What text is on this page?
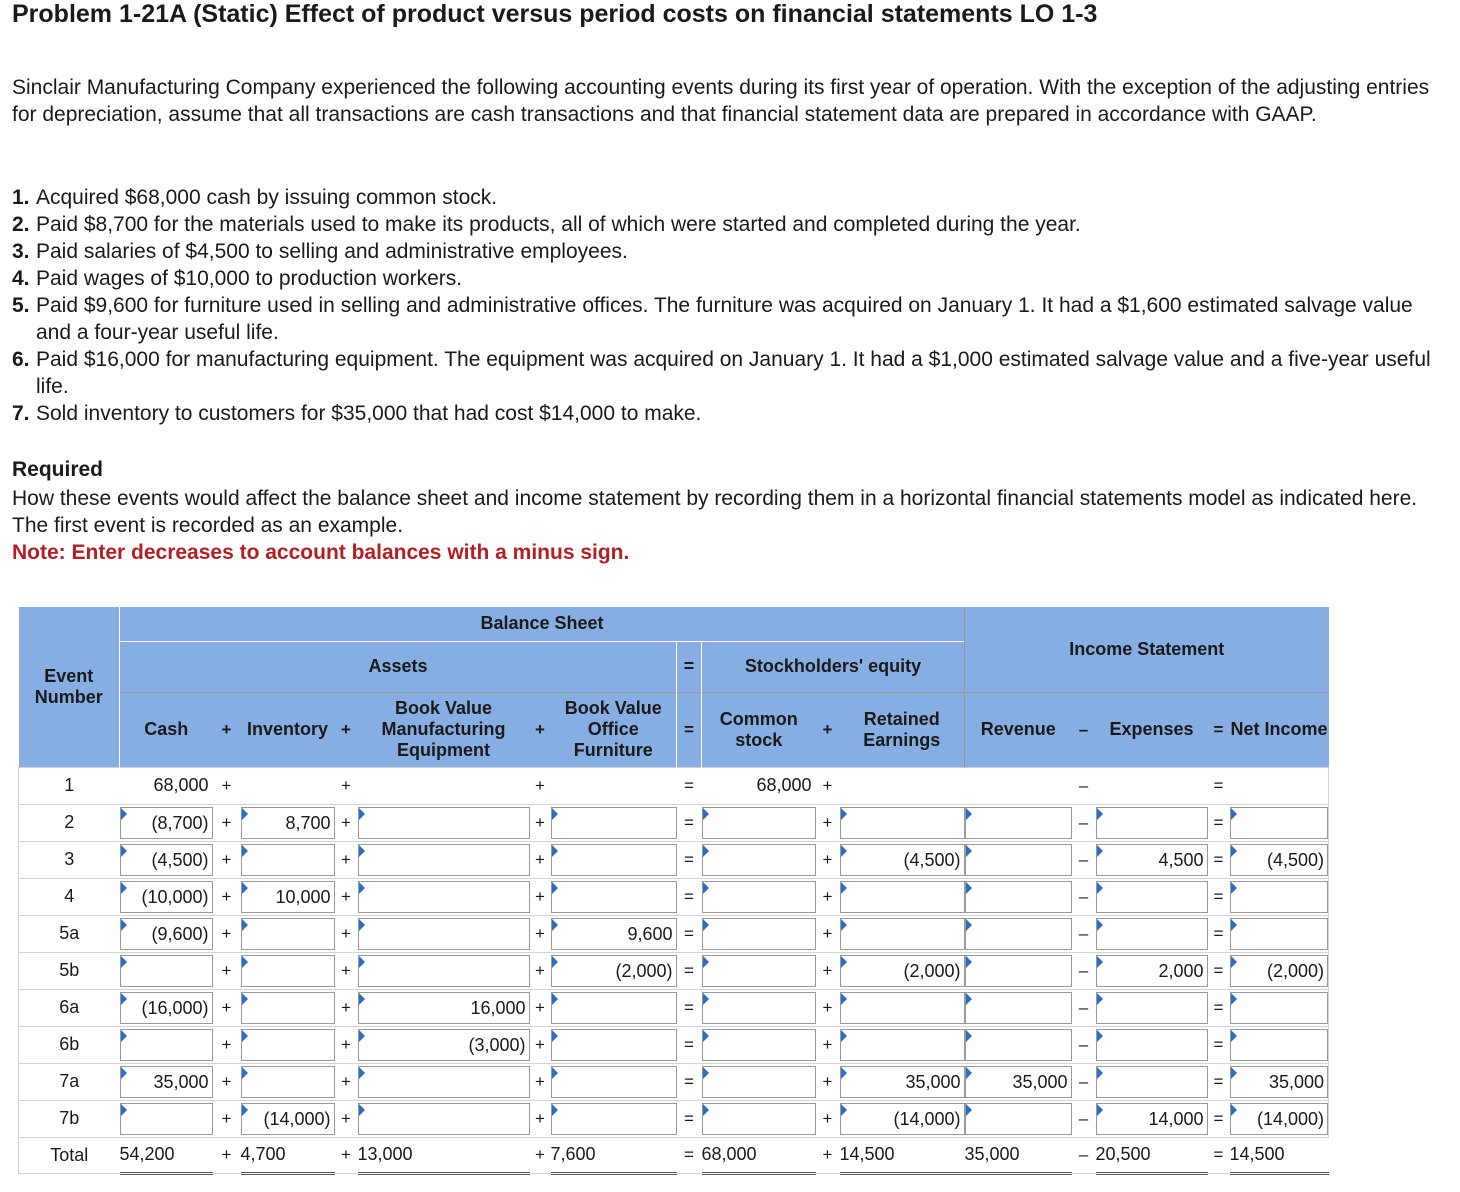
Problem 1-21A (Static) Effect of product versus period costs on financial statements LO 1-3

Sinclair Manufacturing Company experienced the following accounting events during its first year of operation. With the exception of the adjusting entries for depreciation, assume that all transactions are cash transactions and that financial statement data are prepared in accordance with GAAP.

1. Acquired $68,000 cash by issuing common stock.
2. Paid $8,700 for the materials used to make its products, all of which were started and completed during the year.
3. Paid salaries of $4,500 to selling and administrative employees.
4. Paid wages of $10,000 to production workers.
5. Paid $9,600 for furniture used in selling and administrative offices. The furniture was acquired on January 1. It had a $1,600 estimated salvage value and a four-year useful life.
6. Paid $16,000 for manufacturing equipment. The equipment was acquired on January 1. It had a $1,000 estimated salvage value and a five-year useful life.
7. Sold inventory to customers for $35,000 that had cost $14,000 to make.
Required

How these events would affect the balance sheet and income statement by recording them in a horizontal financial statements model as indicated here. The first event is recorded as an example.
Note: Enter decreases to account balances with a minus sign.

Event Number	Balance Sheet											Income Statement				
	Assets							=	Stockholders' equity							
	Cash	+	Inventory	+	Book Value Manufacturing Equipment	+	Book Value Office Furniture	=	Common stock	+	Retained Earnings	Revenue	–	Expenses	=	Net Income
1	68,000	+		+		+		=	68,000	+			–		=	
2	(8,700)	+	8,700	+		+		=		+			–		=	

3	(4,500)	+		+		+		=		+	(4,500)		–	4,500	=	(4,500)

4	(10,000)	+	10,000	+		+		=		+			–		=	

5a	(9,600)	+		+		+	9,600	=		+			–		=	

5b		+		+		+	(2,000)	=		+	(2,000)		–	2,000	=	(2,000)

6a	(16,000)	+		+	16,000	+		=		+			–		=	

6b		+		+	(3,000)	+		=		+			–		=	

7a	35,000	+		+		+		=		+	35,000	35,000	–		=	35,000

7b		+	(14,000)	+		+		=		+	(14,000)		–	14,000	=	(14,000)

Total	54,200	+	4,700	+	13,000	+	7,600	=	68,000	+	14,500	35,000	–	20,500	=	14,500
